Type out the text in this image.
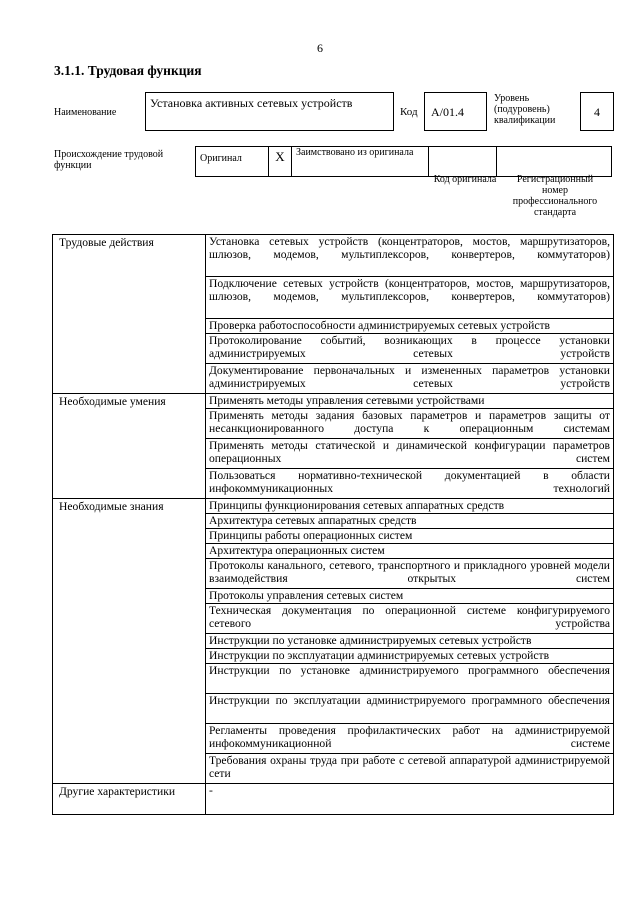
6
3.1.1. Трудовая функция
Наименование
Установка активных сетевых устройств
Код	A/01.4
Уровень (подуровень) квалификации
4
Происхождение трудовой функции
Оригинал	X	Заимствовано из оригинала		
Код оригинала	Регистрационный номер профессионального стандарта
Трудовые действия	Установка сетевых устройств (концентраторов, мостов, маршрутизаторов, шлюзов, модемов, мультиплексоров, конвертеров, коммутаторов)
	Подключение сетевых устройств (концентраторов, мостов, маршрутизаторов, шлюзов, модемов, мультиплексоров, конвертеров, коммутаторов)
	Проверка работоспособности администрируемых сетевых устройств
	Протоколирование событий, возникающих в процессе установки администрируемых сетевых устройств
	Документирование первоначальных и измененных параметров установки администрируемых сетевых устройств
Необходимые умения	Применять методы управления сетевыми устройствами
	Применять методы задания базовых параметров и параметров защиты от несанкционированного доступа к операционным системам
	Применять методы статической и динамической конфигурации параметров операционных систем
	Пользоваться нормативно-технической документацией в области инфокоммуникационных технологий
Необходимые знания	Принципы функционирования сетевых аппаратных средств
	Архитектура сетевых аппаратных средств
	Принципы работы операционных систем
	Архитектура операционных систем
	Протоколы канального, сетевого, транспортного и прикладного уровней модели взаимодействия открытых систем
	Протоколы управления сетевых систем
	Техническая документация по операционной системе конфигурируемого сетевого устройства
	Инструкции по установке администрируемых сетевых устройств
	Инструкции по эксплуатации администрируемых сетевых устройств
	Инструкции по установке администрируемого программного обеспечения
	Инструкции по эксплуатации администрируемого программного обеспечения
	Регламенты проведения профилактических работ на администрируемой инфокоммуникационной системе
	Требования охраны труда при работе с сетевой аппаратурой администрируемой сети
Другие характеристики	-
